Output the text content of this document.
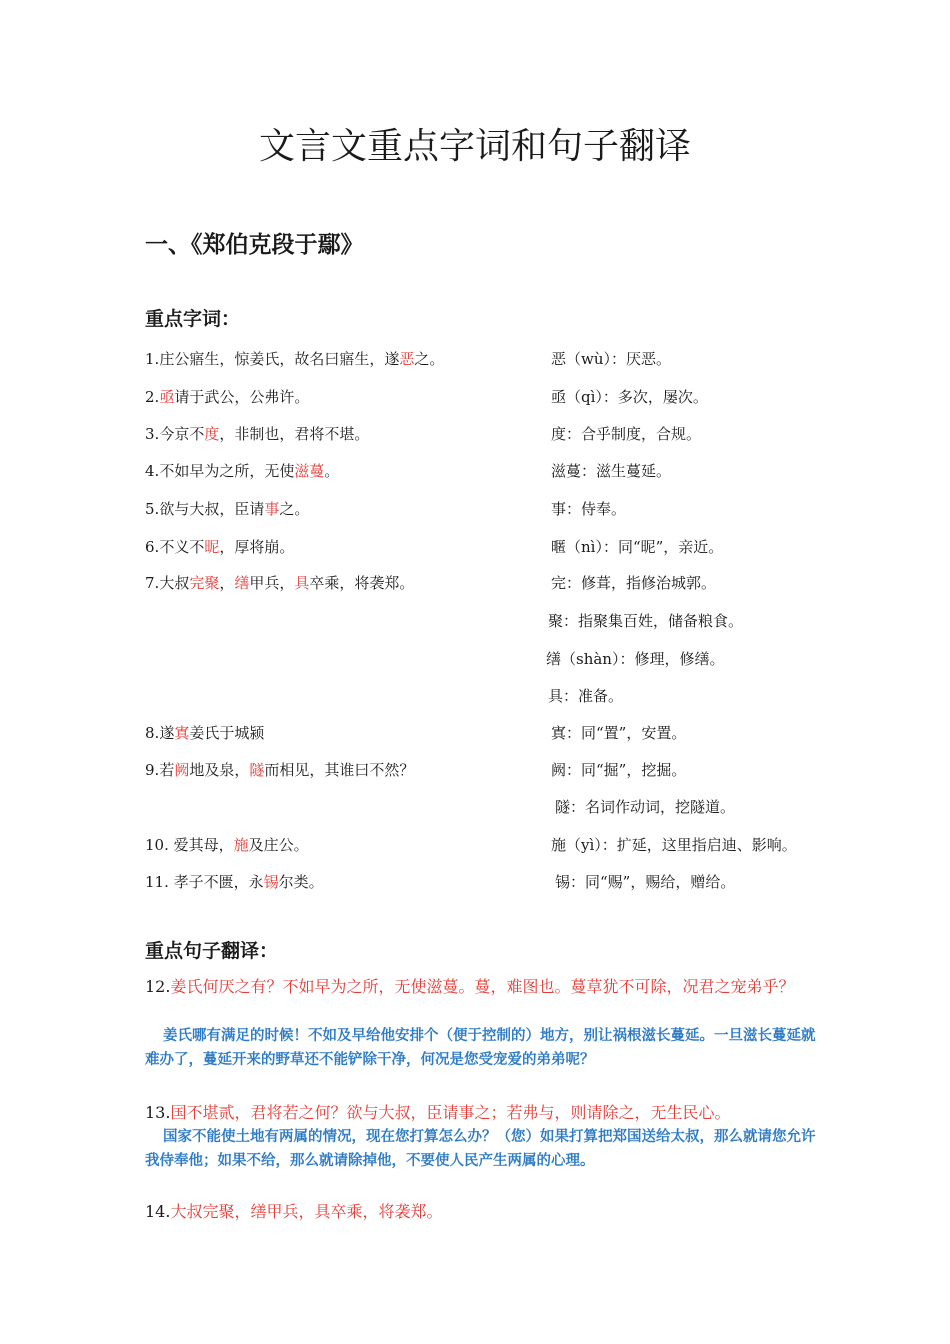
文言文重点字词和句子翻译
一、《郑伯克段于鄢》
重点字词：
1.庄公寤生，惊姜氏，故名曰寤生，遂恶之。	恶（wù）：厌恶。
2.亟请于武公，公弗许。	亟（qì）：多次，屡次。
3.今京不度，非制也，君将不堪。	度：合乎制度，合规。
4.不如早为之所，无使滋蔓。	滋蔓：滋生蔓延。
5.欲与大叔，臣请事之。	事：侍奉。
6.不义不昵，厚将崩。	暱（nì）：同“昵”，亲近。
7.大叔完聚，缮甲兵，具卒乘，将袭郑。	完：修葺，指修治城郭。
聚：指聚集百姓，储备粮食。
缮（shàn）：修理，修缮。
具：准备。
8.遂寘姜氏于城颍	寘：同“置”，安置。
9.若阙地及泉，隧而相见，其谁曰不然？	阙：同“掘”，挖掘。
隧：名词作动词，挖隧道。
10. 爱其母，施及庄公。	施（yì）：扩延，这里指启迪、影响。
11. 孝子不匮，永锡尔类。	锡：同“赐”，赐给，赠给。
重点句子翻译：
12.姜氏何厌之有？不如早为之所，无使滋蔓。蔓，难图也。蔓草犹不可除，况君之宠弟乎？
姜氏哪有满足的时候！不如及早给他安排个（便于控制的）地方，别让祸根滋长蔓延。一旦滋长蔓延就难办了，蔓延开来的野草还不能铲除干净，何况是您受宠爱的弟弟呢？
13.国不堪贰，君将若之何？欲与大叔，臣请事之；若弗与，则请除之，无生民心。
国家不能使土地有两属的情况，现在您打算怎么办？（您）如果打算把郑国送给太叔，那么就请您允许我侍奉他；如果不给，那么就请除掉他，不要使人民产生两属的心理。
14.大叔完聚，缮甲兵，具卒乘，将袭郑。
